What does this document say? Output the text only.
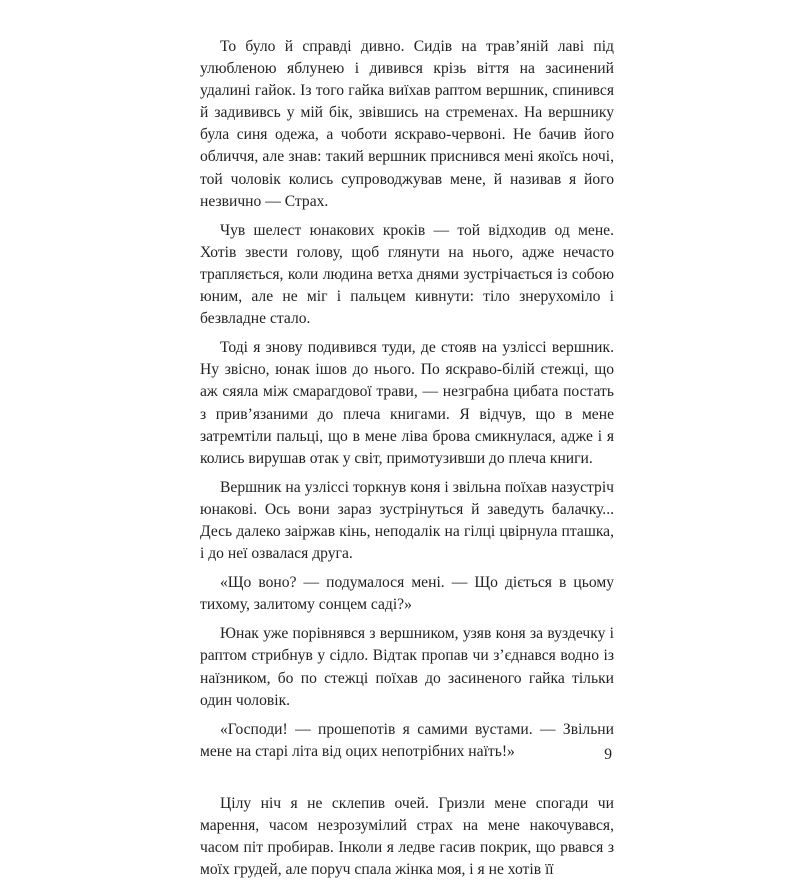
То було й справді дивно. Сидів на трав’яній лаві під улюбленою яблунею і дивився крізь віття на засинений удалині гайок. Із того гайка виїхав раптом вершник, спинився й задививсь у мій бік, звівшись на стременах. На вершнику була синя одежа, а чоботи яскраво-червоні. Не бачив його обличчя, але знав: такий вершник приснився мені якоїсь ночі, той чоловік колись супроводжував мене, й називав я його незвично — Страх.

Чув шелест юнакових кроків — той відходив од мене. Хотів звести голову, щоб глянути на нього, адже нечасто трапляється, коли людина ветха днями зустрічається із собою юним, але не міг і пальцем кивнути: тіло знерухоміло і безвладне стало.

Тоді я знову подивився туди, де стояв на узліссі вершник. Ну звісно, юнак ішов до нього. По яскраво-білій стежці, що аж сяяла між смарагдової трави, — незграбна цибата постать з прив’язаними до плеча книгами. Я відчув, що в мене затремтіли пальці, що в мене ліва брова смикнулася, адже і я колись вирушав отак у світ, примотузивши до плеча книги.

Вершник на узліссі торкнув коня і звільна поїхав назустріч юнакові. Ось вони зараз зустрінуться й заведуть балачку... Десь далеко заіржав кінь, неподалік на гілці цвірнула пташка, і до неї озвалася друга.

«Що воно? — подумалося мені. — Що діється в цьому тихому, залитому сонцем саді?»

Юнак уже порівнявся з вершником, узяв коня за вуздечку і раптом стрибнув у сідло. Відтак пропав чи з’єднався водно із наїзником, бо по стежці поїхав до засиненого гайка тільки один чоловік.

«Господи! — прошепотів я самими вустами. — Звільни мене на старі літа від оцих непотрібних наїть!»

Цілу ніч я не склепив очей. Гризли мене спогади чи марення, часом незрозумілий страх на мене накочувався, часом піт пробирав. Інколи я ледве гасив покрик, що рвався з моїх грудей, але поруч спала жінка моя, і я не хотів її

9
